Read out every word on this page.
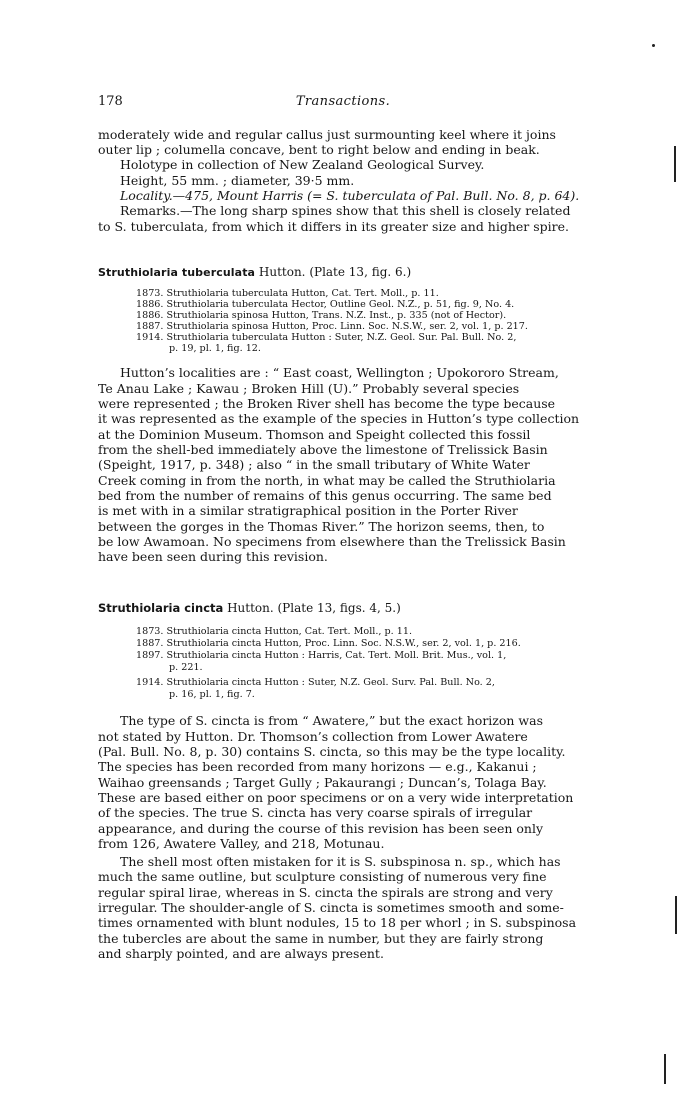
178	Transactions.
moderately wide and regular callus just surmounting keel where it joins
outer lip ; columella concave, bent to right below and ending in beak.
Holotype in collection of New Zealand Geological Survey.
Height, 55 mm. ; diameter, 39·5 mm.
Locality.—475, Mount Harris (= S. tuberculata of Pal. Bull. No. 8, p. 64).
Remarks.—The long sharp spines show that this shell is closely related
to S. tuberculata, from which it differs in its greater size and higher spire.
Struthiolaria tuberculata Hutton. (Plate 13, fig. 6.)
1873. Struthiolaria tuberculata Hutton, Cat. Tert. Moll., p. 11.
1886. Struthiolaria tuberculata Hector, Outline Geol. N.Z., p. 51, fig. 9, No. 4.
1886. Struthiolaria spinosa Hutton, Trans. N.Z. Inst., p. 335 (not of Hector).
1887. Struthiolaria spinosa Hutton, Proc. Linn. Soc. N.S.W., ser. 2, vol. 1, p. 217.
1914. Struthiolaria tuberculata Hutton : Suter, N.Z. Geol. Sur. Pal. Bull. No. 2,
p. 19, pl. 1, fig. 12.
Hutton’s localities are : “ East coast, Wellington ; Upokororo Stream,
Te Anau Lake ; Kawau ; Broken Hill (U).” Probably several species
were represented ; the Broken River shell has become the type because
it was represented as the example of the species in Hutton’s type collection
at the Dominion Museum. Thomson and Speight collected this fossil
from the shell-bed immediately above the limestone of Trelissick Basin
(Speight, 1917, p. 348) ; also “ in the small tributary of White Water
Creek coming in from the north, in what may be called the Struthiolaria
bed from the number of remains of this genus occurring. The same bed
is met with in a similar stratigraphical position in the Porter River
between the gorges in the Thomas River.” The horizon seems, then, to
be low Awamoan. No specimens from elsewhere than the Trelissick Basin
have been seen during this revision.
Struthiolaria cincta Hutton. (Plate 13, figs. 4, 5.)
1873. Struthiolaria cincta Hutton, Cat. Tert. Moll., p. 11.
1887. Struthiolaria cincta Hutton, Proc. Linn. Soc. N.S.W., ser. 2, vol. 1, p. 216.
1897. Struthiolaria cincta Hutton : Harris, Cat. Tert. Moll. Brit. Mus., vol. 1,
p. 221.
1914. Struthiolaria cincta Hutton : Suter, N.Z. Geol. Surv. Pal. Bull. No. 2,
p. 16, pl. 1, fig. 7.
The type of S. cincta is from “ Awatere,” but the exact horizon was
not stated by Hutton. Dr. Thomson’s collection from Lower Awatere
(Pal. Bull. No. 8, p. 30) contains S. cincta, so this may be the type locality.
The species has been recorded from many horizons — e.g., Kakanui ;
Waihao greensands ; Target Gully ; Pakaurangi ; Duncan’s, Tolaga Bay.
These are based either on poor specimens or on a very wide interpretation
of the species. The true S. cincta has very coarse spirals of irregular
appearance, and during the course of this revision has been seen only
from 126, Awatere Valley, and 218, Motunau.
The shell most often mistaken for it is S. subspinosa n. sp., which has
much the same outline, but sculpture consisting of numerous very fine
regular spiral lirae, whereas in S. cincta the spirals are strong and very
irregular. The shoulder-angle of S. cincta is sometimes smooth and some-
times ornamented with blunt nodules, 15 to 18 per whorl ; in S. subspinosa
the tubercles are about the same in number, but they are fairly strong
and sharply pointed, and are always present.
